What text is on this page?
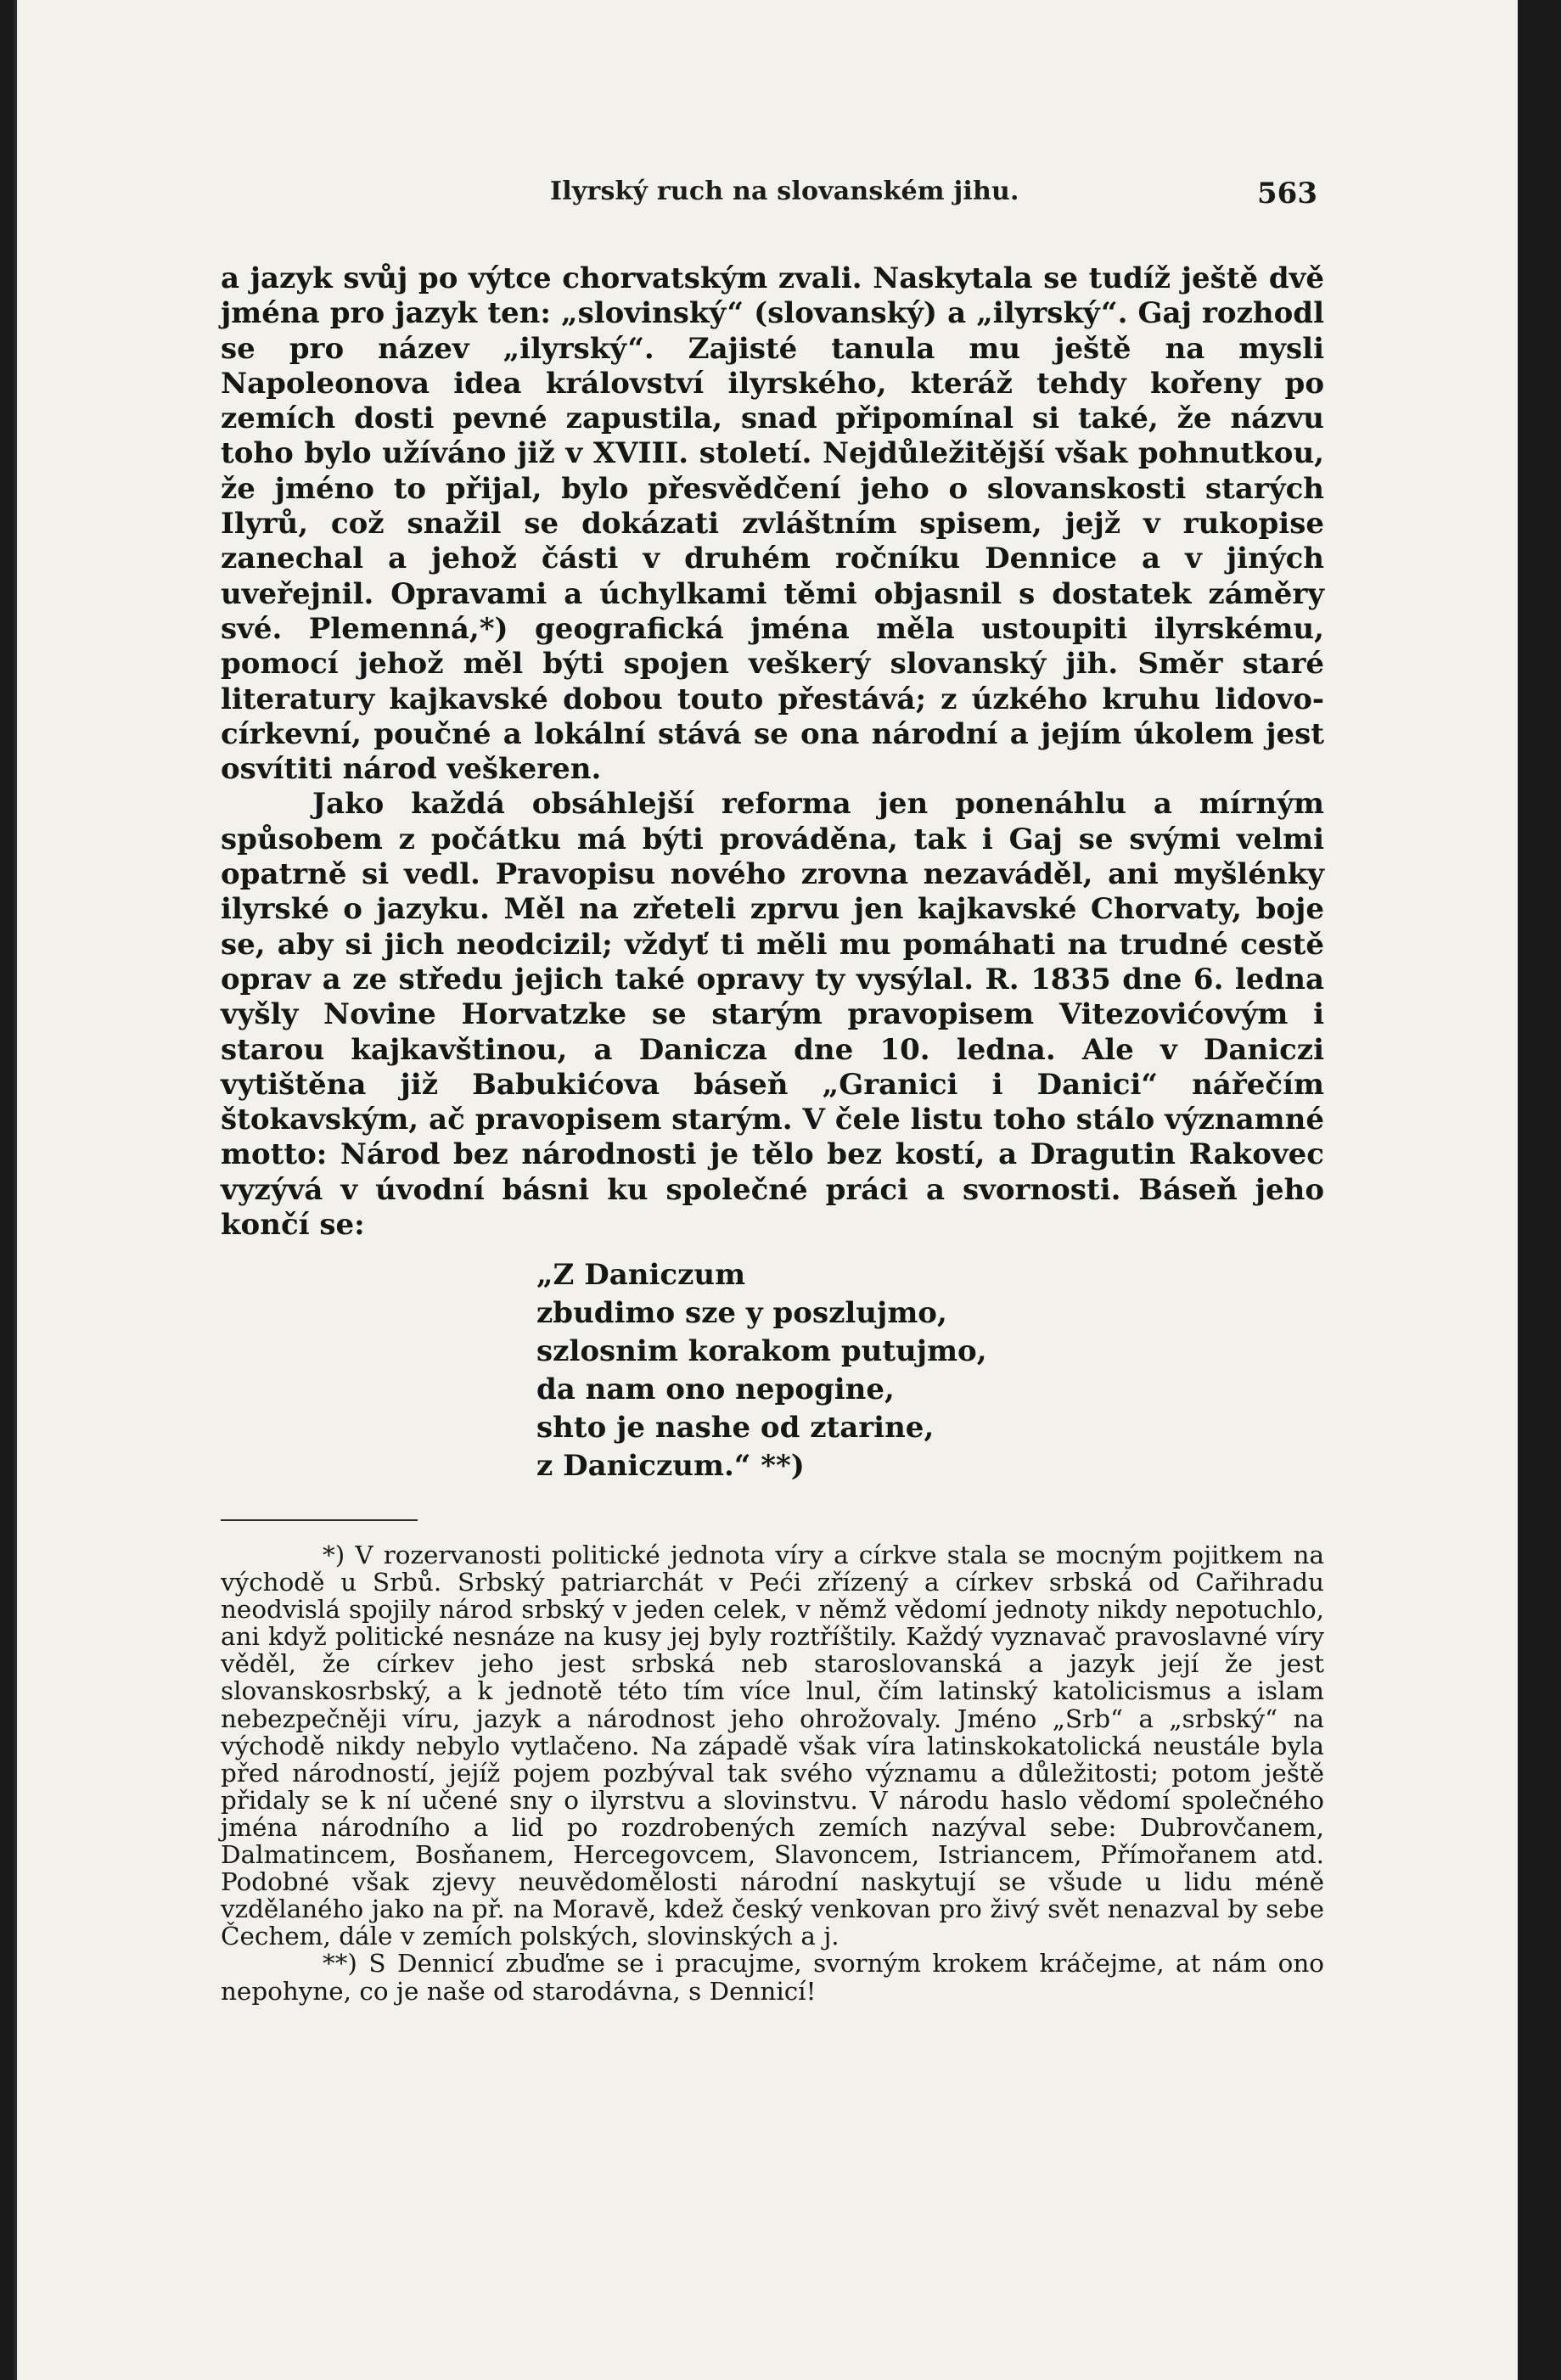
Ilyrský ruch na slovanském jihu.	563

a jazyk svůj po výtce chorvatským zvali. Naskytala se tudíž ještě dvě jména pro jazyk ten: „slovinský“ (slovanský) a „ilyrský“. Gaj rozhodl se pro název „ilyrský“. Zajisté tanula mu ještě na mysli Napoleonova idea království ilyrského, kteráž tehdy kořeny po zemích dosti pevné zapustila, snad připomínal si také, že názvu toho bylo užíváno již v XVIII. století. Nejdůležitější však pohnutkou, že jméno to přijal, bylo přesvědčení jeho o slovanskosti starých Ilyrů, což snažil se dokázati zvláštním spisem, jejž v rukopise zanechal a jehož části v druhém ročníku Dennice a v jiných uveřejnil. Opravami a úchylkami těmi objasnil s dostatek záměry své. Plemenná,*) geografická jména měla ustoupiti ilyrskému, pomocí jehož měl býti spojen veškerý slovanský jih. Směr staré literatury kajkavské dobou touto přestává; z úzkého kruhu lidovo-církevní, poučné a lokální stává se ona národní a jejím úkolem jest osvítiti národ veškeren.

Jako každá obsáhlejší reforma jen ponenáhlu a mírným spůsobem z počátku má býti prováděna, tak i Gaj se svými velmi opatrně si vedl. Pravopisu nového zrovna nezaváděl, ani myšlénky ilyrské o jazyku. Měl na zřeteli zprvu jen kajkavské Chorvaty, boje se, aby si jich neodcizil; vždyť ti měli mu pomáhati na trudné cestě oprav a ze středu jejich také opravy ty vysýlal. R. 1835 dne 6. ledna vyšly Novine Horvatzke se starým pravopisem Vitezovićovým i starou kajkavštinou, a Danicza dne 10. ledna. Ale v Daniczi vytištěna již Babukićova báseň „Granici i Danici“ nářečím štokavským, ač pravopisem starým. V čele listu toho stálo významné motto: Národ bez národnosti je tělo bez kostí, a Dragutin Rakovec vyzývá v úvodní básni ku společné práci a svornosti. Báseň jeho končí se:

„Z Daniczum
zbudimo sze y poszlujmo,
szlosnim korakom putujmo,
da nam ono nepogine,
shto je nashe od ztarine,
z Daniczum.“ **)

*) V rozervanosti politické jednota víry a církve stala se mocným pojitkem na východě u Srbů. Srbský patriarchát v Peći zřízený a církev srbská od Cařihradu neodvislá spojily národ srbský v jeden celek, v němž vědomí jednoty nikdy nepotuchlo, ani když politické nesnáze na kusy jej byly roztříštily. Každý vyznavač pravoslavné víry věděl, že církev jeho jest srbská neb staroslovanská a jazyk její že jest slovanskosrbský, a k jednotě této tím více lnul, čím latinský katolicismus a islam nebezpečněji víru, jazyk a národnost jeho ohrožovaly. Jméno „Srb“ a „srbský“ na východě nikdy nebylo vytlačeno. Na západě však víra latinskokatolická neustále byla před národností, jejíž pojem pozbýval tak svého významu a důležitosti; potom ještě přidaly se k ní učené sny o ilyrstvu a slovinstvu. V národu haslo vědomí společného jména národního a lid po rozdrobených zemích nazýval sebe: Dubrovčanem, Dalmatincem, Bosňanem, Hercegovcem, Slavoncem, Istriancem, Přímořanem atd. Podobné však zjevy neuvědomělosti národní naskytují se všude u lidu méně vzdělaného jako na př. na Moravě, kdež český venkovan pro živý svět nenazval by sebe Čechem, dále v zemích polských, slovinských a j.

**) S Dennicí zbuďme se i pracujme, svorným krokem kráčejme, at nám ono nepohyne, co je naše od starodávna, s Dennicí!
